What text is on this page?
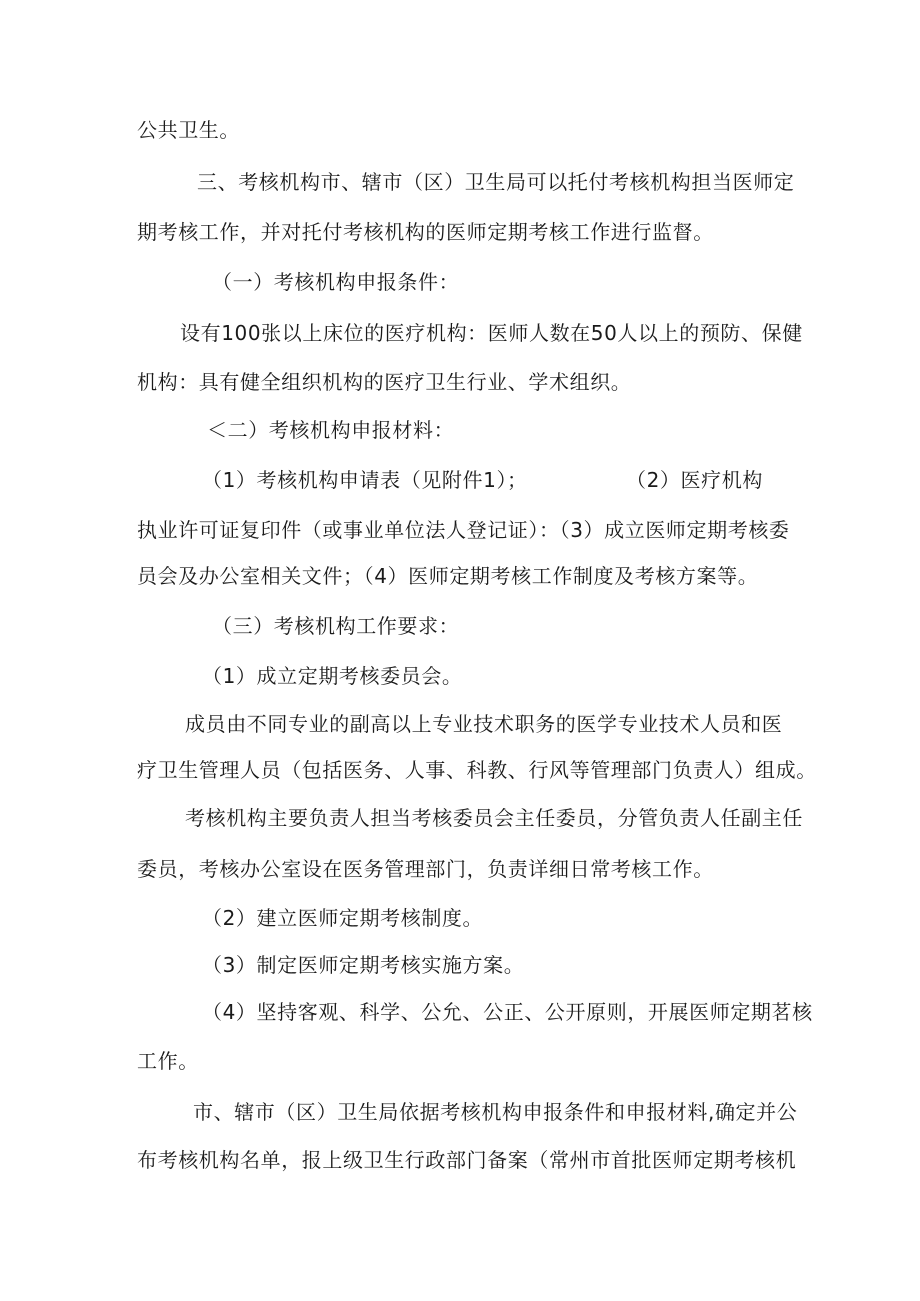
公共卫生。
三、考核机构市、辖市（区）卫生局可以托付考核机构担当医师定
期考核工作，并对托付考核机构的医师定期考核工作进行监督。
（一）考核机构申报条件：
设有100张以上床位的医疗机构：医师人数在50人以上的预防、保健
机构：具有健全组织机构的医疗卫生行业、学术组织。
＜二）考核机构申报材料：
（1）考核机构申请表（见附件1）；	（2）医疗机构
执业许可证复印件（或事业单位法人登记证）：（3）成立医师定期考核委
员会及办公室相关文件；（4）医师定期考核工作制度及考核方案等。
（三）考核机构工作要求：
（1）成立定期考核委员会。
成员由不同专业的副高以上专业技术职务的医学专业技术人员和医
疗卫生管理人员（包括医务、人事、科教、行风等管理部门负责人）组成。
考核机构主要负责人担当考核委员会主任委员，分管负责人任副主任
委员，考核办公室设在医务管理部门，负责详细日常考核工作。
（2）建立医师定期考核制度。
（3）制定医师定期考核实施方案。
（4）坚持客观、科学、公允、公正、公开原则，开展医师定期茗核
工作。
市、辖市（区）卫生局依据考核机构申报条件和申报材料,确定并公
布考核机构名单，报上级卫生行政部门备案（常州市首批医师定期考核机
